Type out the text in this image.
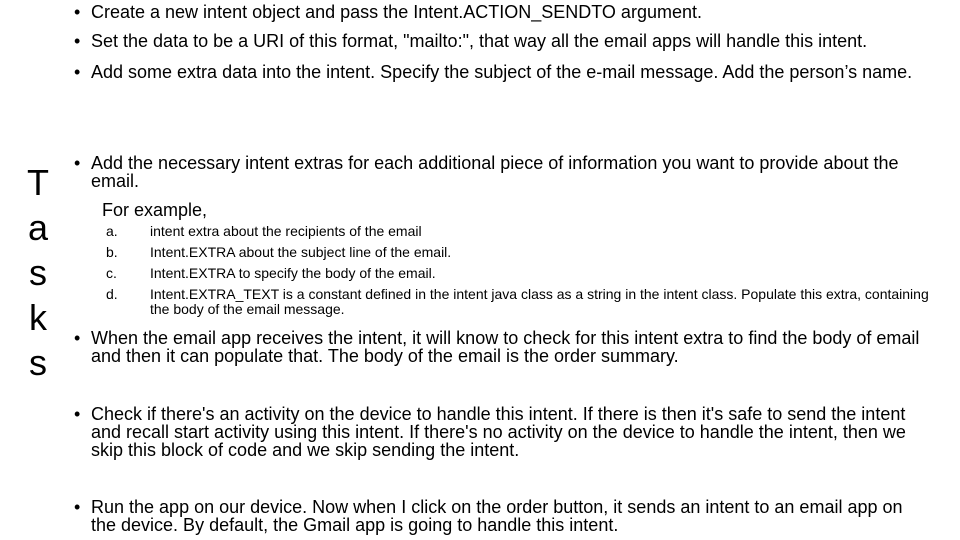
T
a
s
k
s

• Create a new intent object and pass the Intent.ACTION_SENDTO argument.

• Set the data to be a URI of this format, "mailto:", that way all the email apps will handle this intent.

• Add some extra data into the intent. Specify the subject of the e-mail message. Add the person’s name.

• Add the necessary intent extras for each additional piece of information you want to provide about the email.

For example,
a. intent extra about the recipients of the email
b. Intent.EXTRA about the subject line of the email.
c. Intent.EXTRA to specify the body of the email.
d. Intent.EXTRA_TEXT is a constant defined in the intent java class as a string in the intent class. Populate this extra, containing the body of the email message.

• When the email app receives the intent, it will know to check for this intent extra to find the body of email and then it can populate that. The body of the email is the order summary.

• Check if there's an activity on the device to handle this intent. If there is then it's safe to send the intent and recall start activity using this intent. If there's no activity on the device to handle the intent, then we skip this block of code and we skip sending the intent.

• Run the app on our device. Now when I click on the order button, it sends an intent to an email app on the device. By default, the Gmail app is going to handle this intent.
